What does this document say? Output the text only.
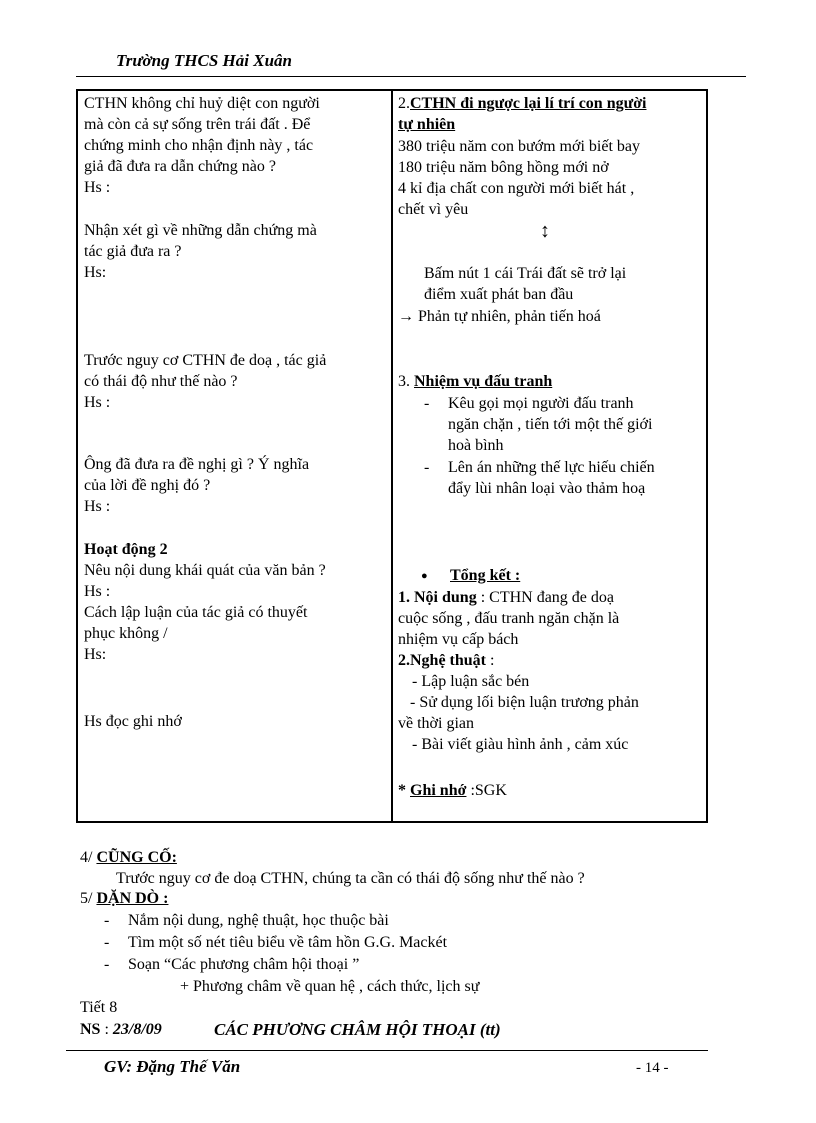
Trường THCS Hải Xuân
CTHN không chỉ huỷ diệt con người
mà còn cả sự sống trên trái đất . Để
chứng minh cho nhận định này , tác
giả đã đưa ra dẫn chứng nào ?
Hs :
Nhận xét gì về những dẫn chứng mà
tác giả đưa ra ?
Hs:
Trước nguy cơ CTHN đe doạ , tác giả
có thái độ như thế nào ?
Hs :
Ông đã đưa ra đề nghị gì ? Ý nghĩa
của lời đề nghị đó ?
Hs :
Hoạt động 2
Nêu nội dung khái quát của văn bản ?
Hs :
Cách lập luận của tác giả có thuyết
phục không /
Hs:
Hs đọc ghi nhớ
2.CTHN đi ngược lại lí trí con người
tự nhiên
380 triệu năm con bướm mới biết bay
180 triệu năm bông hồng mới nở
4 kỉ địa chất con người mới biết hát ,
chết vì yêu
↕
Bấm nút 1 cái Trái đất sẽ trở lại
điểm xuất phát ban đầu
→ Phản tự nhiên, phản tiến hoá
3. Nhiệm vụ đấu tranh
- Kêu gọi mọi người đấu tranh
ngăn chặn , tiến tới một thế giới
hoà bình
- Lên án những thế lực hiếu chiến
đẩy lùi nhân loại vào thảm hoạ
● Tổng kết :
1. Nội dung : CTHN đang đe doạ
cuộc sống , đấu tranh ngăn chặn là
nhiệm vụ cấp bách
2.Nghệ thuật :
- Lập luận sắc bén
- Sử dụng lối biện luận trương phản
về thời gian
- Bài viết giàu hình ảnh , cảm xúc
* Ghi nhớ :SGK
4/ CŨNG CỐ:
Trước nguy cơ đe doạ CTHN, chúng ta cần có thái độ sống như thế nào ?
5/ DẶN DÒ :
- Nắm nội dung, nghệ thuật, học thuộc bài
- Tìm một số nét tiêu biểu về tâm hồn G.G. Mackét
- Soạn “Các phương châm hội thoại ”
+ Phương châm về quan hệ , cách thức, lịch sự
Tiết 8
NS : 23/8/09	CÁC PHƯƠNG CHÂM HỘI THOẠI (tt)
GV: Đặng Thế Văn	- 14 -
